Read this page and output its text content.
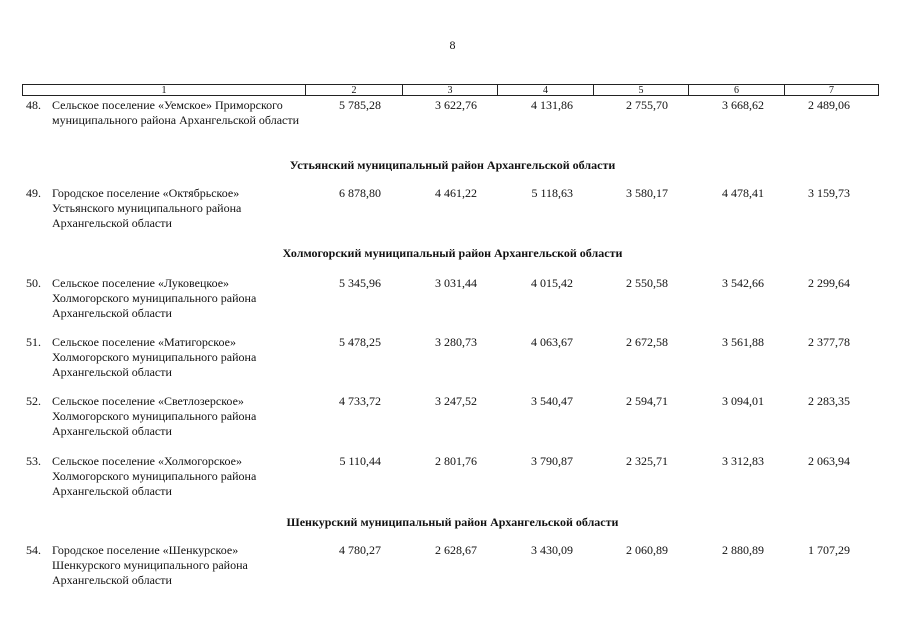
8
1	2	3	4	5	6	7
48. Сельское поселение «Уемское» Приморского муниципального района Архангельской области
5 785,28	3 622,76	4 131,86	2 755,70	3 668,62	2 489,06
Устьянский муниципальный район Архангельской области
49. Городское поселение «Октябрьское» Устьянского муниципального района Архангельской области
6 878,80	4 461,22	5 118,63	3 580,17	4 478,41	3 159,73
Холмогорский муниципальный район Архангельской области
50. Сельское поселение «Луковецкое» Холмогорского муниципального района Архангельской области
5 345,96	3 031,44	4 015,42	2 550,58	3 542,66	2 299,64
51. Сельское поселение «Матигорское» Холмогорского муниципального района Архангельской области
5 478,25	3 280,73	4 063,67	2 672,58	3 561,88	2 377,78
52. Сельское поселение «Светлозерское» Холмогорского муниципального района Архангельской области
4 733,72	3 247,52	3 540,47	2 594,71	3 094,01	2 283,35
53. Сельское поселение «Холмогорское» Холмогорского муниципального района Архангельской области
5 110,44	2 801,76	3 790,87	2 325,71	3 312,83	2 063,94
Шенкурский муниципальный район Архангельской области
54. Городское поселение «Шенкурское» Шенкурского муниципального района Архангельской области
4 780,27	2 628,67	3 430,09	2 060,89	2 880,89	1 707,29
